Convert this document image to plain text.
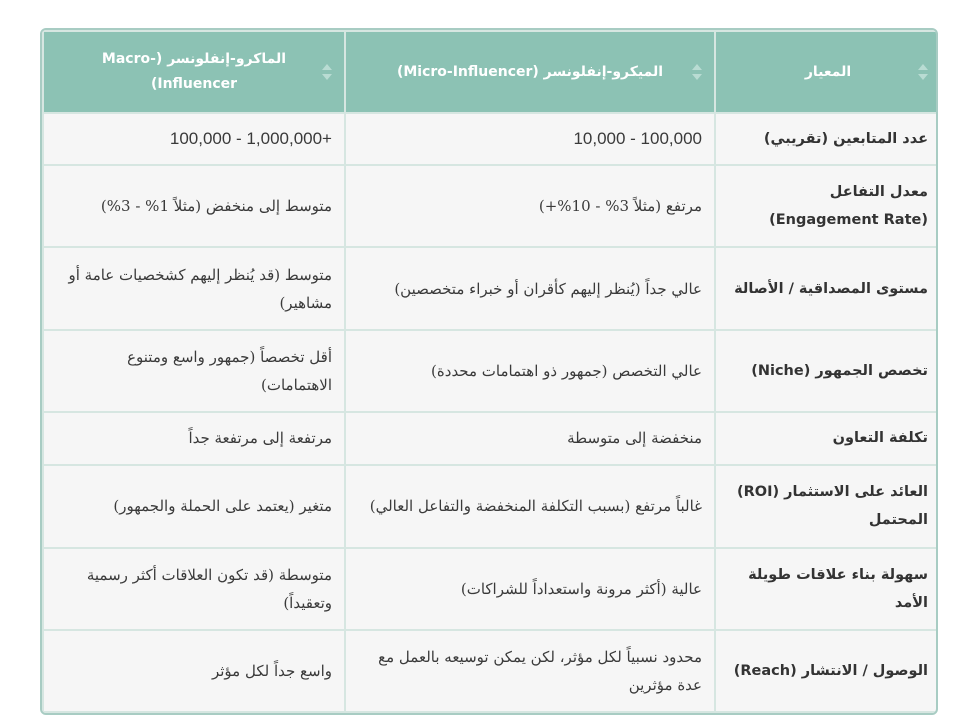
المعيار	الميكرو-إنفلونسر (Micro-Influencer)	الماكرو-إنفلونسر (Macro-Influencer)
عدد المتابعين (تقريبي)	10,000 - 100,000	100,000 - 1,000,000+
معدل التفاعل (Engagement Rate)	مرتفع (مثلاً 3% - 10%+)	متوسط إلى منخفض (مثلاً 1% - 3%)
مستوى المصداقية / الأصالة	عالي جداً (يُنظر إليهم كأقران أو خبراء متخصصين)	متوسط (قد يُنظر إليهم كشخصيات عامة أو مشاهير)
تخصص الجمهور (Niche)	عالي التخصص (جمهور ذو اهتمامات محددة)	أقل تخصصاً (جمهور واسع ومتنوع الاهتمامات)
تكلفة التعاون	منخفضة إلى متوسطة	مرتفعة إلى مرتفعة جداً
العائد على الاستثمار (ROI) المحتمل	غالباً مرتفع (بسبب التكلفة المنخفضة والتفاعل العالي)	متغير (يعتمد على الحملة والجمهور)
سهولة بناء علاقات طويلة الأمد	عالية (أكثر مرونة واستعداداً للشراكات)	متوسطة (قد تكون العلاقات أكثر رسمية وتعقيداً)
الوصول / الانتشار (Reach)	محدود نسبياً لكل مؤثر، لكن يمكن توسيعه بالعمل مع عدة مؤثرين	واسع جداً لكل مؤثر
